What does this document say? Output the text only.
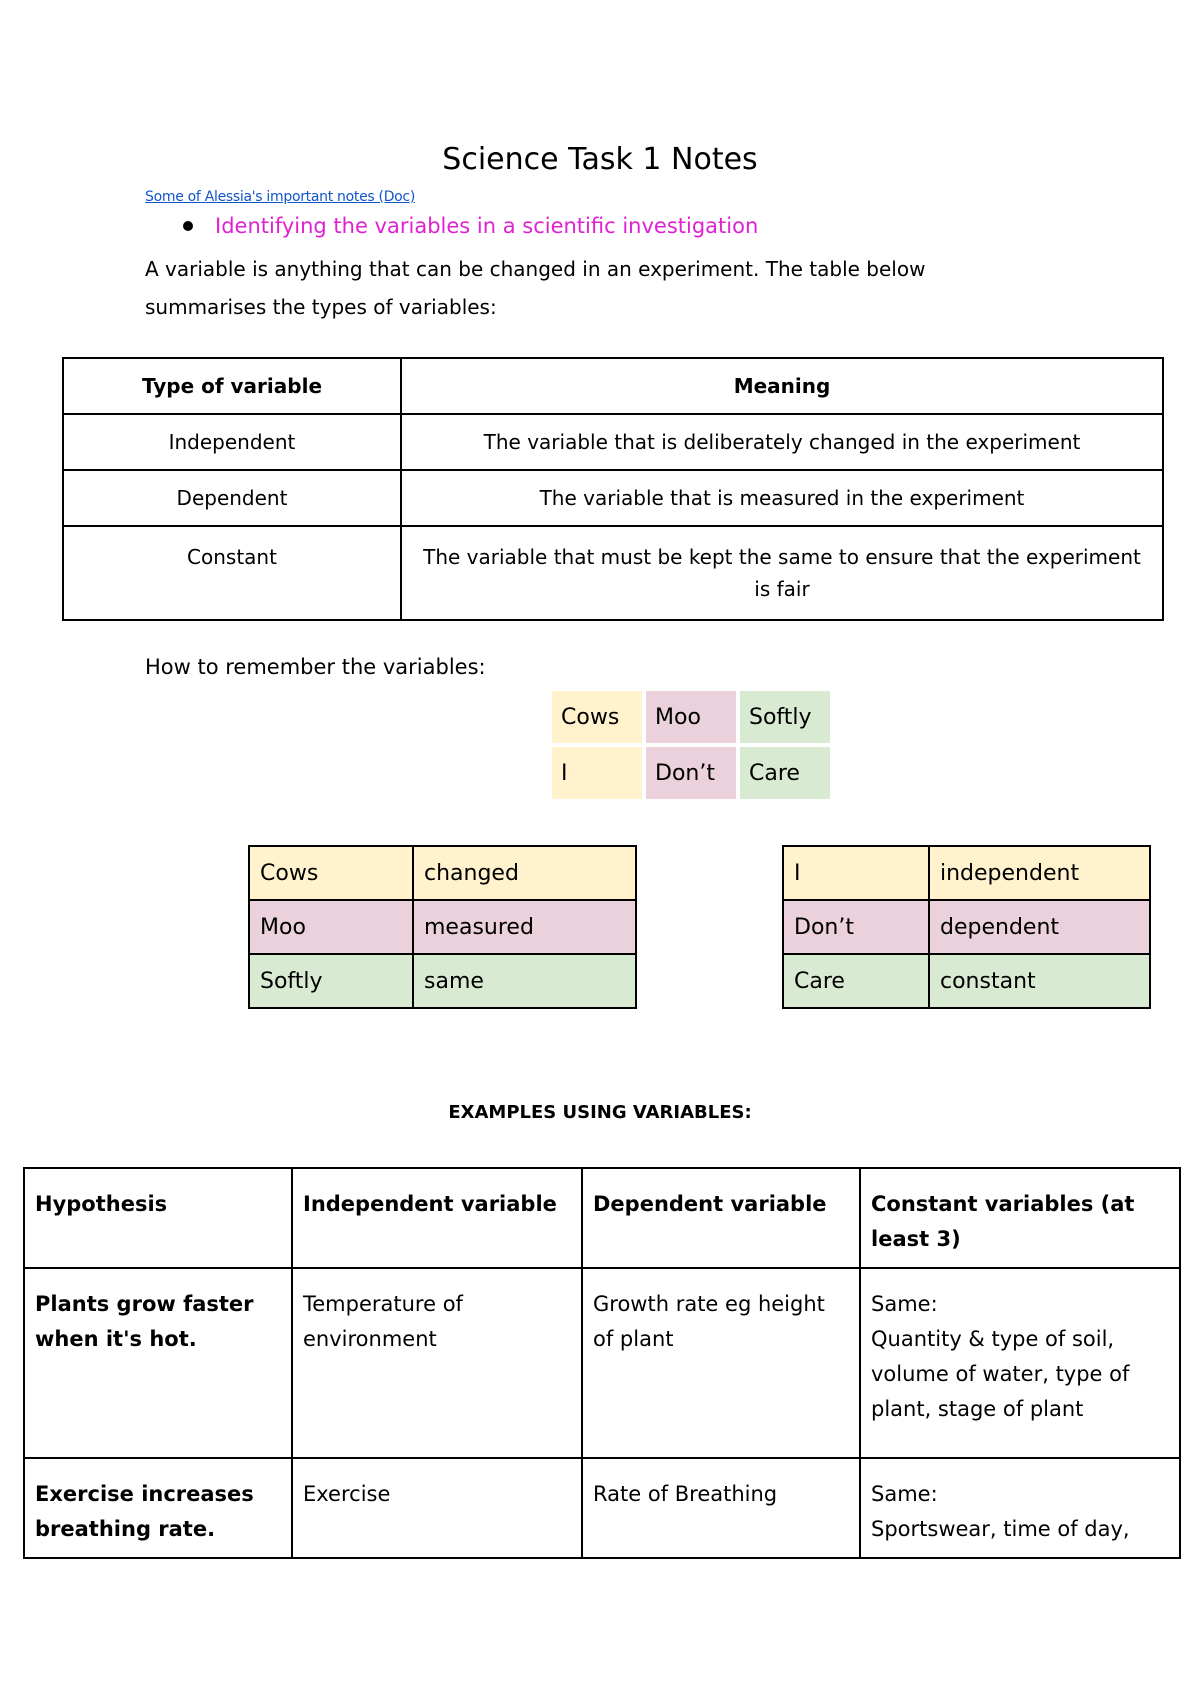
Science Task 1 Notes
Some of Alessia's important notes (Doc)
Identifying the variables in a scientific investigation
A variable is anything that can be changed in an experiment. The table below summarises the types of variables:
Type of variable	Meaning
Independent	The variable that is deliberately changed in the experiment
Dependent	The variable that is measured in the experiment
Constant	The variable that must be kept the same to ensure that the experiment is fair
How to remember the variables:
Cows	Moo	Softly
I	Don’t	Care
Cows	changed
Moo	measured
Softly	same
I	independent
Don’t	dependent
Care	constant
EXAMPLES USING VARIABLES:
Hypothesis	Independent variable	Dependent variable	Constant variables (at least 3)
Plants grow faster when it's hot.	Temperature of environment	Growth rate eg height of plant	Same:
Quantity & type of soil, volume of water, type of plant, stage of plant

Exercise increases breathing rate.	Exercise	Rate of Breathing	Same:
Sportswear, time of day,
